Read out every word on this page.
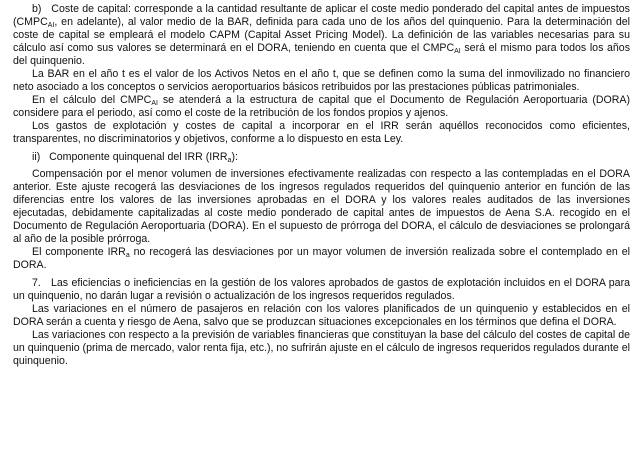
b) Coste de capital: corresponde a la cantidad resultante de aplicar el coste medio ponderado del capital antes de impuestos ($CMPC_{AI}$, en adelante), al valor medio de la BAR, definida para cada uno de los años del quinquenio. Para la determinación del coste de capital se empleará el modelo CAPM (Capital Asset Pricing Model). La definición de las variables necesarias para su cálculo así como sus valores se determinará en el DORA, teniendo en cuenta que el $CMPC_{AI}$ será el mismo para todos los años del quinquenio.

La BAR en el año t es el valor de los Activos Netos en el año t, que se definen como la suma del inmovilizado no financiero neto asociado a los conceptos o servicios aeroportuarios básicos retribuidos por las prestaciones públicas patrimoniales.

En el cálculo del $CMPC_{AI}$ se atenderá a la estructura de capital que el Documento de Regulación Aeroportuaria (DORA) considere para el periodo, así como el coste de la retribución de los fondos propios y ajenos.

Los gastos de explotación y costes de capital a incorporar en el IRR serán aquéllos reconocidos como eficientes, transparentes, no discriminatorios y objetivos, conforme a lo dispuesto en esta Ley.

ii) Componente quinquenal del IRR $(IRR_a)$:

Compensación por el menor volumen de inversiones efectivamente realizadas con respecto a las contempladas en el DORA anterior. Este ajuste recogerá las desviaciones de los ingresos regulados requeridos del quinquenio anterior en función de las diferencias entre los valores de las inversiones aprobadas en el DORA y los valores reales auditados de las inversiones ejecutadas, debidamente capitalizadas al coste medio ponderado de capital antes de impuestos de Aena S.A. recogido en el Documento de Regulación Aeroportuaria (DORA). En el supuesto de prórroga del DORA, el cálculo de desviaciones se prolongará al año de la posible prórroga.

El componente $IRR_a$ no recogerá las desviaciones por un mayor volumen de inversión realizada sobre el contemplado en el DORA.

7. Las eficiencias o ineficiencias en la gestión de los valores aprobados de gastos de explotación incluidos en el DORA para un quinquenio, no darán lugar a revisión o actualización de los ingresos requeridos regulados.

Las variaciones en el número de pasajeros en relación con los valores planificados de un quinquenio y establecidos en el DORA serán a cuenta y riesgo de Aena, salvo que se produzcan situaciones excepcionales en los términos que defina el DORA.

Las variaciones con respecto a la previsión de variables financieras que constituyan la base del cálculo del costes de capital de un quinquenio (prima de mercado, valor renta fija, etc.), no sufrirán ajuste en el cálculo de ingresos requeridos regulados durante el quinquenio.
